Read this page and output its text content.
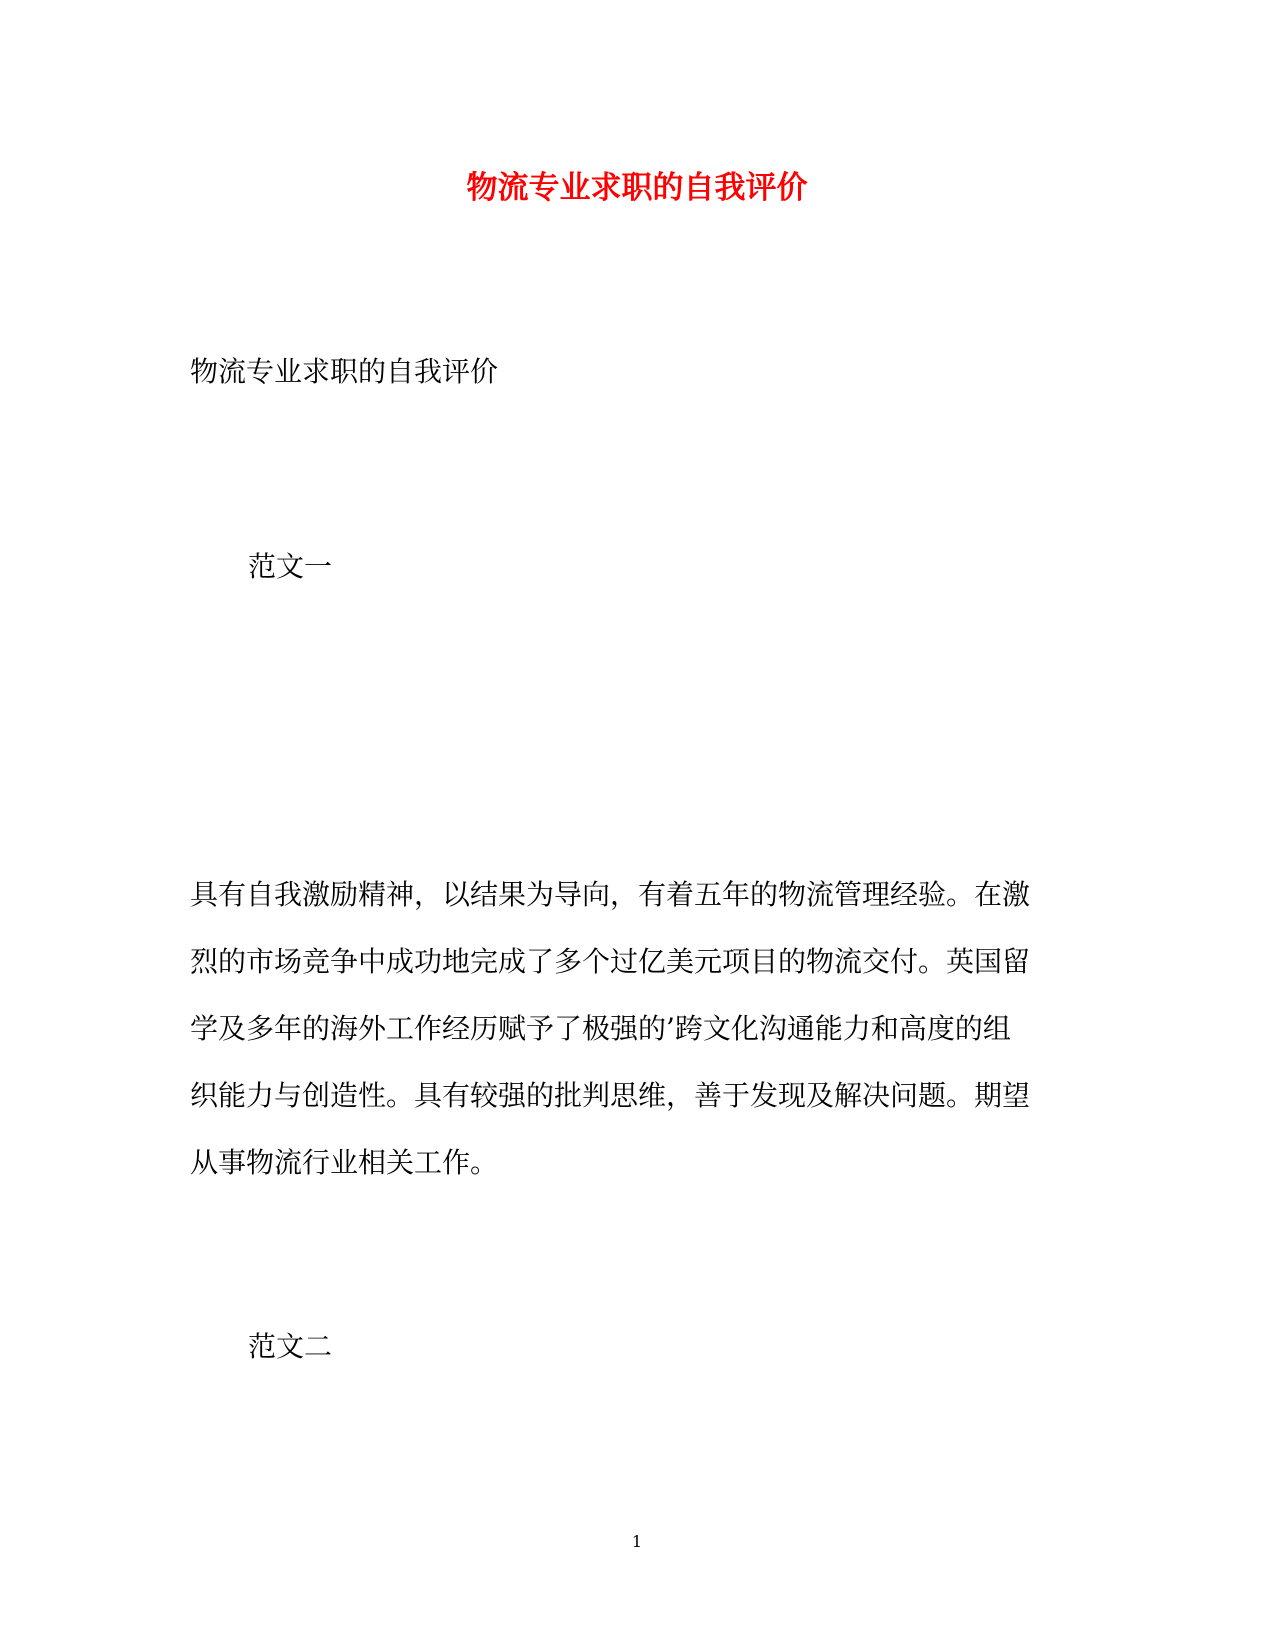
物流专业求职的自我评价
物流专业求职的自我评价
范文一
具有自我激励精神，以结果为导向，有着五年的物流管理经验。在激
烈的市场竞争中成功地完成了多个过亿美元项目的物流交付。英国留
学及多年的海外工作经历赋予了极强的’跨文化沟通能力和高度的组
织能力与创造性。具有较强的批判思维，善于发现及解决问题。期望
从事物流行业相关工作。
范文二
1
